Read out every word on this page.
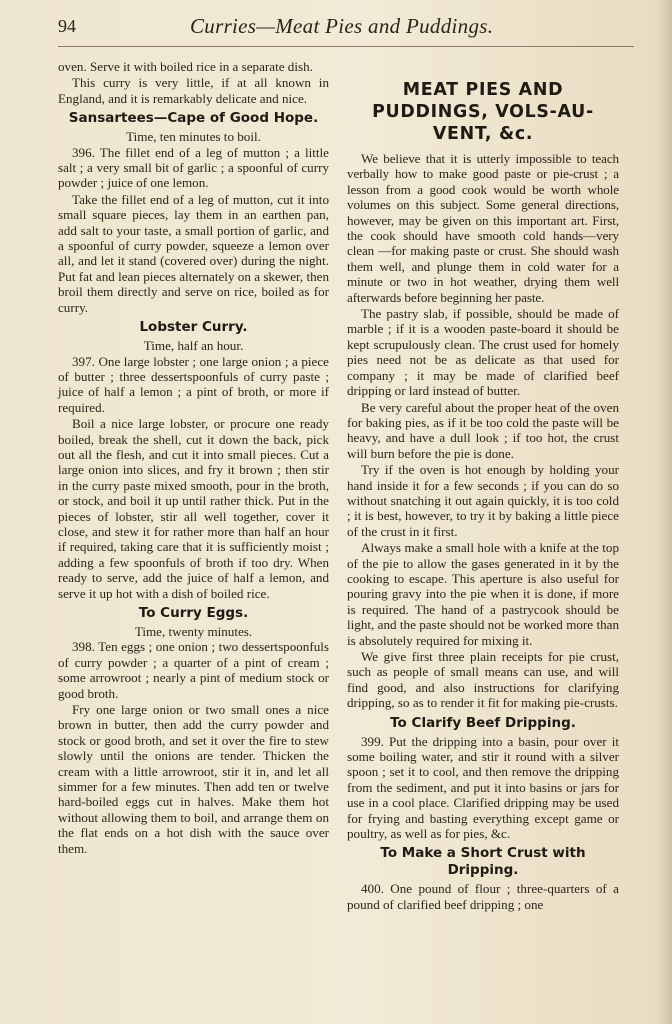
94	Curries—Meat Pies and Puddings.

oven. Serve it with boiled rice in a separate dish.

This curry is very little, if at all known in England, and it is remarkably delicate and nice.

Sansartees—Cape of Good Hope.

Time, ten minutes to boil.

396. The fillet end of a leg of mutton ; a little salt ; a very small bit of garlic ; a spoonful of curry powder ; juice of one lemon.

Take the fillet end of a leg of mutton, cut it into small square pieces, lay them in an earthen pan, add salt to your taste, a small portion of garlic, and a spoonful of curry powder, squeeze a lemon over all, and let it stand (covered over) during the night. Put fat and lean pieces alternately on a skewer, then broil them directly and serve on rice, boiled as for curry.

Lobster Curry.

Time, half an hour.

397. One large lobster ; one large onion ; a piece of butter ; three dessertspoonfuls of curry paste ; juice of half a lemon ; a pint of broth, or more if required.

Boil a nice large lobster, or procure one ready boiled, break the shell, cut it down the back, pick out all the flesh, and cut it into small pieces. Cut a large onion into slices, and fry it brown ; then stir in the curry paste mixed smooth, pour in the broth, or stock, and boil it up until rather thick. Put in the pieces of lobster, stir all well together, cover it close, and stew it for rather more than half an hour if required, taking care that it is sufficiently moist ; adding a few spoonfuls of broth if too dry. When ready to serve, add the juice of half a lemon, and serve it up hot with a dish of boiled rice.

To Curry Eggs.

Time, twenty minutes.

398. Ten eggs ; one onion ; two dessertspoonfuls of curry powder ; a quarter of a pint of cream ; some arrowroot ; nearly a pint of medium stock or good broth.

Fry one large onion or two small ones a nice brown in butter, then add the curry powder and stock or good broth, and set it over the fire to stew slowly until the onions are tender. Thicken the cream with a little arrowroot, stir it in, and let all simmer for a few minutes. Then add ten or twelve hard-boiled eggs cut in halves. Make them hot without allowing them to boil, and arrange them on the flat ends on a hot dish with the sauce over them.

MEAT PIES AND PUDDINGS, VOLS-AU-VENT, &c.

We believe that it is utterly impossible to teach verbally how to make good paste or pie-crust ; a lesson from a good cook would be worth whole volumes on this subject. Some general directions, however, may be given on this important art. First, the cook should have smooth cold hands—very clean —for making paste or crust. She should wash them well, and plunge them in cold water for a minute or two in hot weather, drying them well afterwards before beginning her paste.

The pastry slab, if possible, should be made of marble ; if it is a wooden paste-board it should be kept scrupulously clean. The crust used for homely pies need not be as delicate as that used for company ; it may be made of clarified beef dripping or lard instead of butter.

Be very careful about the proper heat of the oven for baking pies, as if it be too cold the paste will be heavy, and have a dull look ; if too hot, the crust will burn before the pie is done.

Try if the oven is hot enough by holding your hand inside it for a few seconds ; if you can do so without snatching it out again quickly, it is too cold ; it is best, however, to try it by baking a little piece of the crust in it first.

Always make a small hole with a knife at the top of the pie to allow the gases generated in it by the cooking to escape. This aperture is also useful for pouring gravy into the pie when it is done, if more is required. The hand of a pastrycook should be light, and the paste should not be worked more than is absolutely required for mixing it.

We give first three plain receipts for pie crust, such as people of small means can use, and will find good, and also instructions for clarifying dripping, so as to render it fit for making pie-crusts.

To Clarify Beef Dripping.

399. Put the dripping into a basin, pour over it some boiling water, and stir it round with a silver spoon ; set it to cool, and then remove the dripping from the sediment, and put it into basins or jars for use in a cool place. Clarified dripping may be used for frying and basting everything except game or poultry, as well as for pies, &c.

To Make a Short Crust with Dripping.

400. One pound of flour ; three-quarters of a pound of clarified beef dripping ; one
